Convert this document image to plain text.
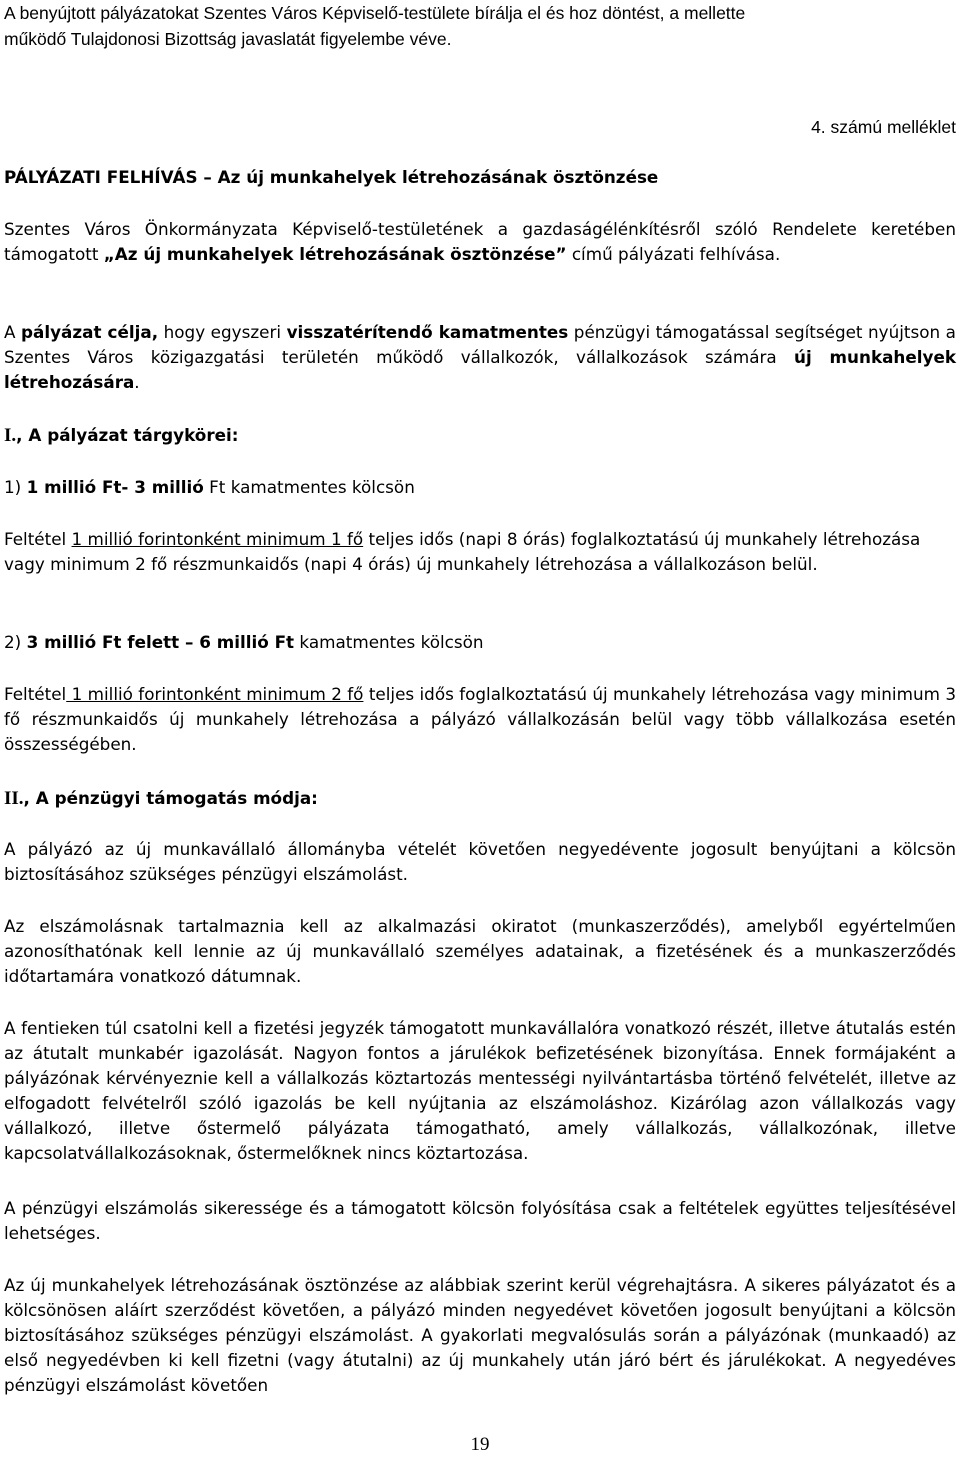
A benyújtott pályázatokat Szentes Város Képviselő-testülete bírálja el és hoz döntést, a mellette
működő Tulajdonosi Bizottság javaslatát figyelembe véve.
4. számú melléklet
PÁLYÁZATI FELHÍVÁS – Az új munkahelyek létrehozásának ösztönzése

Szentes Város Önkormányzata Képviselő-testületének a gazdaságélénkítésről szóló Rendelete keretében támogatott „Az új munkahelyek létrehozásának ösztönzése” című pályázati felhívása.

A pályázat célja, hogy egyszeri visszatérítendő kamatmentes pénzügyi támogatással segítséget nyújtson a Szentes Város közigazgatási területén működő vállalkozók, vállalkozások számára új munkahelyek létrehozására.

I., A pályázat tárgykörei:
1) 1 millió Ft- 3 millió Ft kamatmentes kölcsön

Feltétel 1 millió forintonként minimum 1 fő teljes idős (napi 8 órás) foglalkoztatású új munkahely létrehozása vagy minimum 2 fő részmunkaidős (napi 4 órás) új munkahely létrehozása a vállalkozáson belül.

2) 3 millió Ft felett – 6 millió Ft kamatmentes kölcsön

Feltétel 1 millió forintonként minimum 2 fő teljes idős foglalkoztatású új munkahely létrehozása vagy minimum 3 fő részmunkaidős új munkahely létrehozása a pályázó vállalkozásán belül vagy több vállalkozása esetén összességében.

II., A pénzügyi támogatás módja:

A pályázó az új munkavállaló állományba vételét követően negyedévente jogosult benyújtani a kölcsön biztosításához szükséges pénzügyi elszámolást.

Az elszámolásnak tartalmaznia kell az alkalmazási okiratot (munkaszerződés), amelyből egyértelműen azonosíthatónak kell lennie az új munkavállaló személyes adatainak, a fizetésének és a munkaszerződés időtartamára vonatkozó dátumnak.

A fentieken túl csatolni kell a fizetési jegyzék támogatott munkavállalóra vonatkozó részét, illetve átutalás estén az átutalt munkabér igazolását. Nagyon fontos a járulékok befizetésének bizonyítása. Ennek formájaként a pályázónak kérvényeznie kell a vállalkozás köztartozás mentességi nyilvántartásba történő felvételét, illetve az elfogadott felvételről szóló igazolás be kell nyújtania az elszámoláshoz. Kizárólag azon vállalkozás vagy vállalkozó, illetve őstermelő pályázata támogatható, amely vállalkozás, vállalkozónak, illetve kapcsolatvállalkozásoknak, őstermelőknek nincs köztartozása.

A pénzügyi elszámolás sikeressége és a támogatott kölcsön folyósítása csak a feltételek együttes teljesítésével lehetséges.

Az új munkahelyek létrehozásának ösztönzése az alábbiak szerint kerül végrehajtásra. A sikeres pályázatot és a kölcsönösen aláírt szerződést követően, a pályázó minden negyedévet követően jogosult benyújtani a kölcsön biztosításához szükséges pénzügyi elszámolást. A gyakorlati megvalósulás során a pályázónak (munkaadó) az első negyedévben ki kell fizetni (vagy átutalni) az új munkahely után járó bért és járulékokat. A negyedéves pénzügyi elszámolást követően

19
